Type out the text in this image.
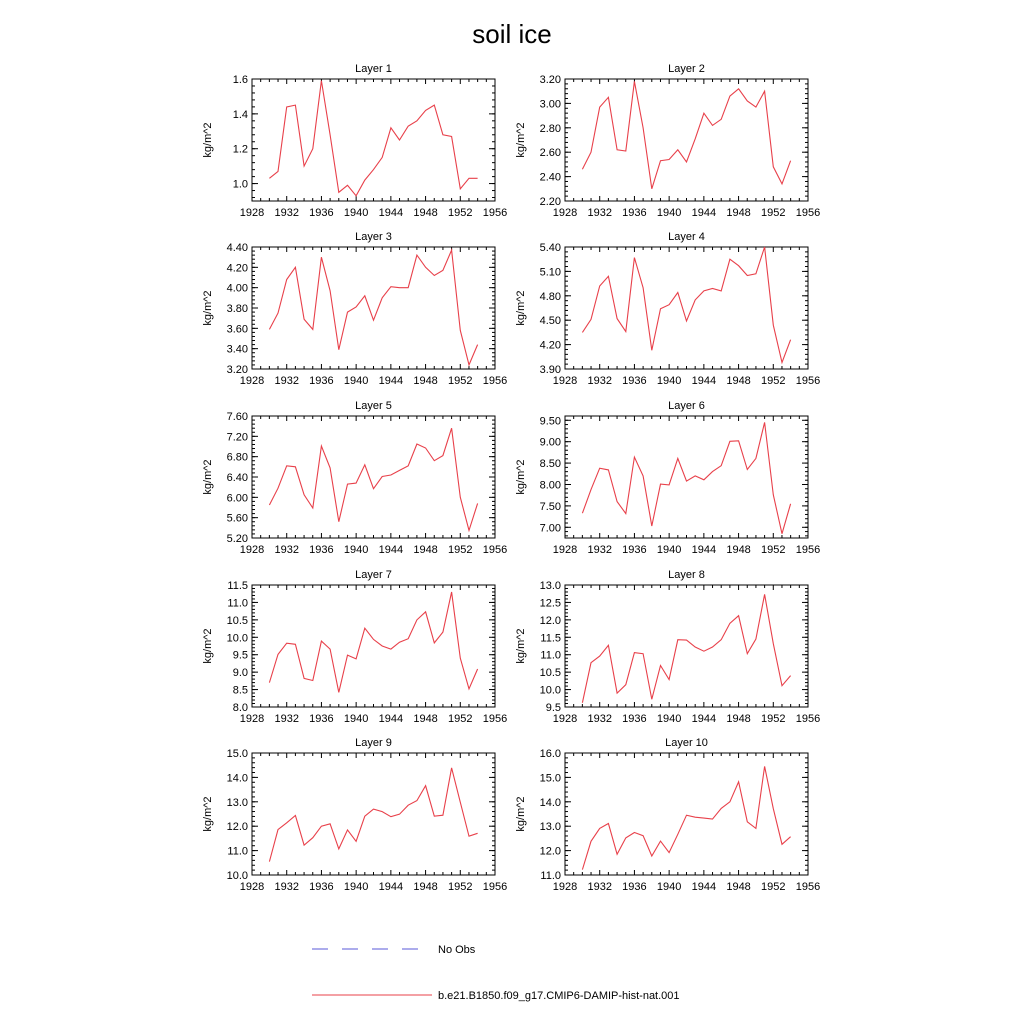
soil ice
Layer 1
1928 1932 1936 1940 1944 1948 1952 1956
1.0
1.2
1.4
1.6
kg/m^2
Layer 2
1928 1932 1936 1940 1944 1948 1952 1956
2.20
2.40
2.60
2.80
3.00
3.20
kg/m^2
Layer 3
1928 1932 1936 1940 1944 1948 1952 1956
3.20
3.40
3.60
3.80
4.00
4.20
4.40
kg/m^2
Layer 4
1928 1932 1936 1940 1944 1948 1952 1956
3.90
4.20
4.50
4.80
5.10
5.40
kg/m^2
Layer 5
1928 1932 1936 1940 1944 1948 1952 1956
5.20
5.60
6.00
6.40
6.80
7.20
7.60
kg/m^2
Layer 6
1928 1932 1936 1940 1944 1948 1952 1956
7.00
7.50
8.00
8.50
9.00
9.50
kg/m^2
Layer 7
1928 1932 1936 1940 1944 1948 1952 1956
8.0
8.5
9.0
9.5
10.0
10.5
11.0
11.5
kg/m^2
Layer 8
1928 1932 1936 1940 1944 1948 1952 1956
9.5
10.0
10.5
11.0
11.5
12.0
12.5
13.0
kg/m^2
Layer 9
1928 1932 1936 1940 1944 1948 1952 1956
10.0
11.0
12.0
13.0
14.0
15.0
kg/m^2
Layer 10
1928 1932 1936 1940 1944 1948 1952 1956
11.0
12.0
13.0
14.0
15.0
16.0
kg/m^2
No Obs
b.e21.B1850.f09_g17.CMIP6-DAMIP-hist-nat.001
